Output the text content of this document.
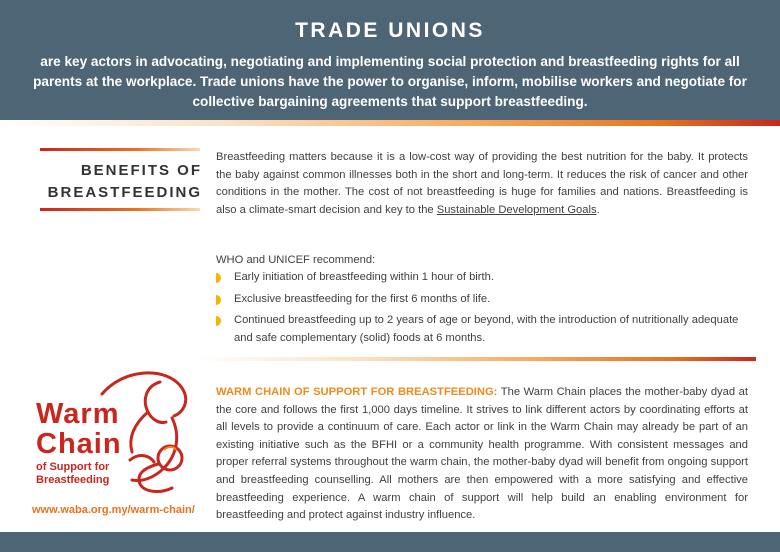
TRADE UNIONS
are key actors in advocating, negotiating and implementing social protection and breastfeeding rights for all parents at the workplace. Trade unions have the power to organise, inform, mobilise workers and negotiate for collective bargaining agreements that support breastfeeding.
BENEFITS OF
BREASTFEEDING
Breastfeeding matters because it is a low-cost way of providing the best nutrition for the baby. It protects the baby against common illnesses both in the short and long-term. It reduces the risk of cancer and other conditions in the mother. The cost of not breastfeeding is huge for families and nations. Breastfeeding is also a climate-smart decision and key to the Sustainable Development Goals.
WHO and UNICEF recommend:
Early initiation of breastfeeding within 1 hour of birth.
Exclusive breastfeeding for the first 6 months of life.
Continued breastfeeding up to 2 years of age or beyond, with the introduction of nutritionally adequate and safe complementary (solid) foods at 6 months.
Warm
Chain
of Support for Breastfeeding
www.waba.org.my/warm-chain/
WARM CHAIN OF SUPPORT FOR BREASTFEEDING: The Warm Chain places the mother-baby dyad at the core and follows the first 1,000 days timeline. It strives to link different actors by coordinating efforts at all levels to provide a continuum of care. Each actor or link in the Warm Chain may already be part of an existing initiative such as the BFHI or a community health programme. With consistent messages and proper referral systems throughout the warm chain, the mother-baby dyad will benefit from ongoing support and breastfeeding counselling. All mothers are then empowered with a more satisfying and effective breastfeeding experience. A warm chain of support will help build an enabling environment for breastfeeding and protect against industry influence.
